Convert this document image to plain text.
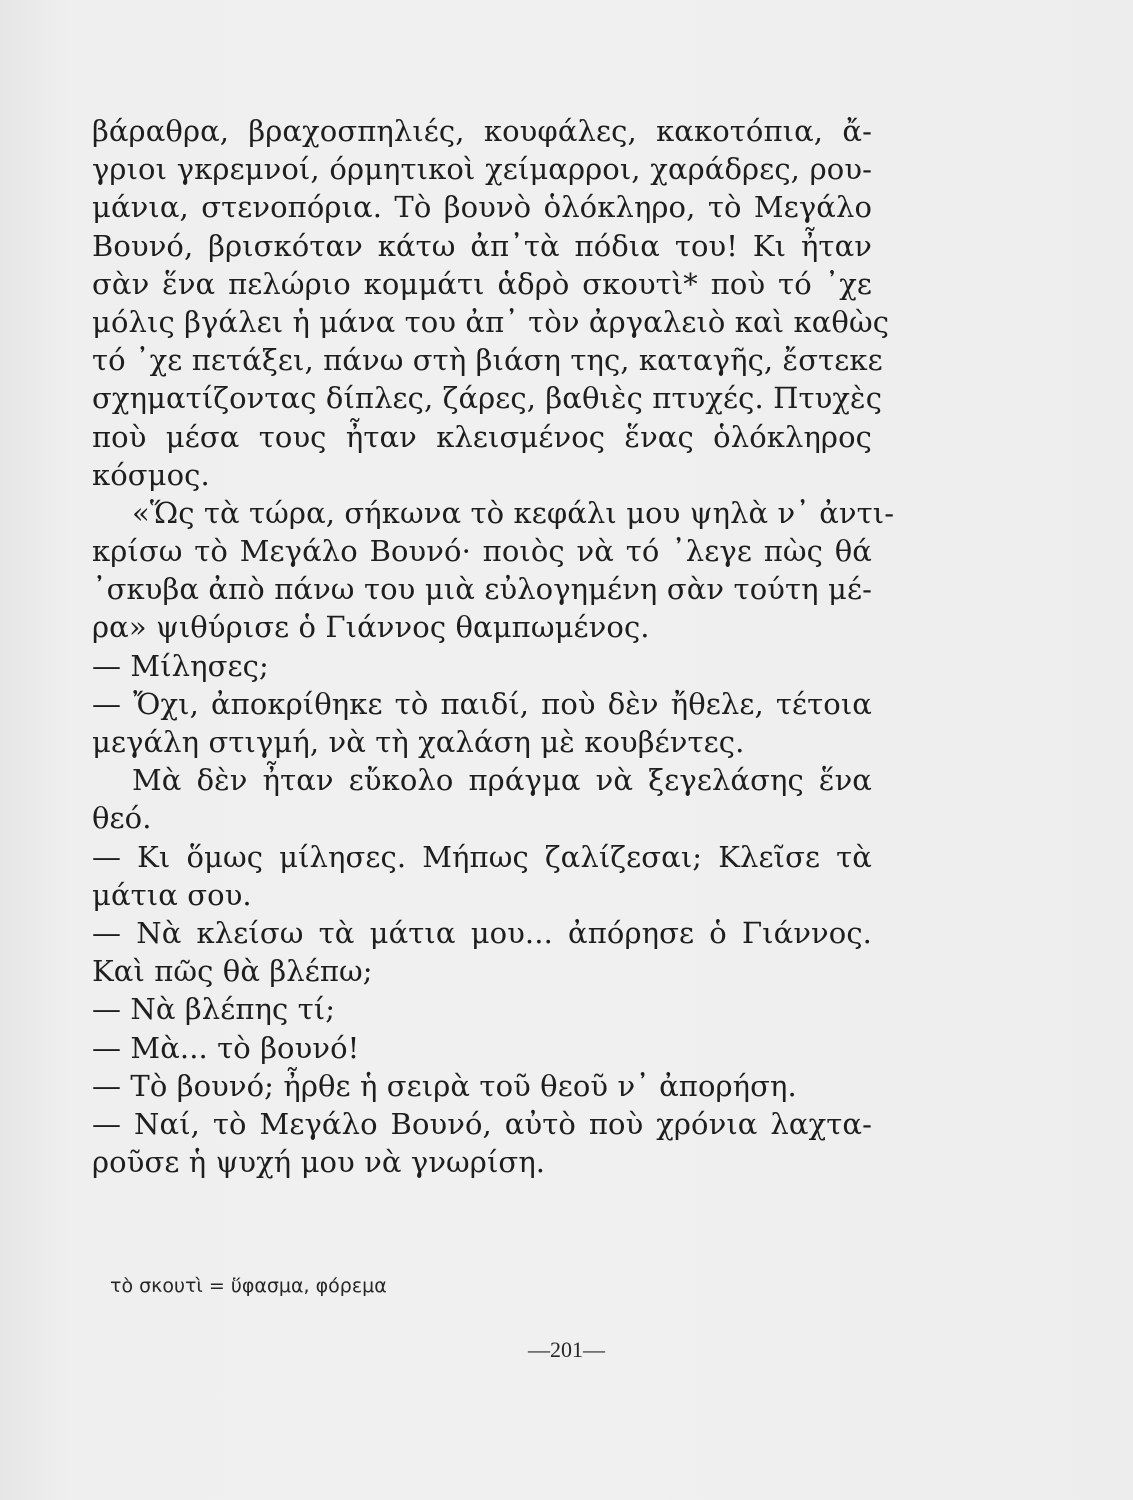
βάραθρα, βραχοσπηλιές, κουφάλες, κακοτόπια, ἄ-
γριοι γκρεμνοί, όρμητικοὶ χείμαρροι, χαράδρες, ρου-
μάνια, στενοπόρια. Τὸ βουνὸ ὁλόκληρο, τὸ Μεγάλο
Βουνό, βρισκόταν κάτω ἀπ᾽τὰ πόδια του! Κι ἦταν
σὰν ἕνα πελώριο κομμάτι ἁδρὸ σκουτὶ* ποὺ τό ᾽χε
μόλις βγάλει ἡ μάνα του ἀπ᾽ τὸν ἀργαλειὸ καὶ καθὼς
τό ᾽χε πετάξει, πάνω στὴ βιάση της, καταγῆς, ἔστεκε
σχηματίζοντας δίπλες, ζάρες, βαθιὲς πτυχές. Πτυχὲς
ποὺ μέσα τους ἦταν κλεισμένος ἕνας ὁλόκληρος
κόσμος.
«Ὥς τὰ τώρα, σήκωνα τὸ κεφάλι μου ψηλὰ ν᾽ ἀντι-
κρίσω τὸ Μεγάλο Βουνό· ποιὸς νὰ τό ᾽λεγε πὼς θά
᾽σκυβα ἀπὸ πάνω του μιὰ εὐλογημένη σὰν τούτη μέ-
ρα» ψιθύρισε ὁ Γιάννος θαμπωμένος.
— Μίλησες;
— Ὄχι, ἀποκρίθηκε τὸ παιδί, ποὺ δὲν ἤθελε, τέτοια
μεγάλη στιγμή, νὰ τὴ χαλάση μὲ κουβέντες.
Μὰ δὲν ἦταν εὔκολο πράγμα νὰ ξεγελάσης ἕνα
θεό.
— Κι ὅμως μίλησες. Μήπως ζαλίζεσαι; Κλεῖσε τὰ
μάτια σου.
— Νὰ κλείσω τὰ μάτια μου... ἀπόρησε ὁ Γιάννος.
Καὶ πῶς θὰ βλέπω;
— Νὰ βλέπης τί;
— Μὰ... τὸ βουνό!
— Τὸ βουνό; ἦρθε ἡ σειρὰ τοῦ θεοῦ ν᾽ ἀπορήση.
— Ναί, τὸ Μεγάλο Βουνό, αὐτὸ ποὺ χρόνια λαχτα-
ροῦσε ἡ ψυχή μου νὰ γνωρίση.
τὸ σκουτὶ = ὕφασμα, φόρεμα
—201—
